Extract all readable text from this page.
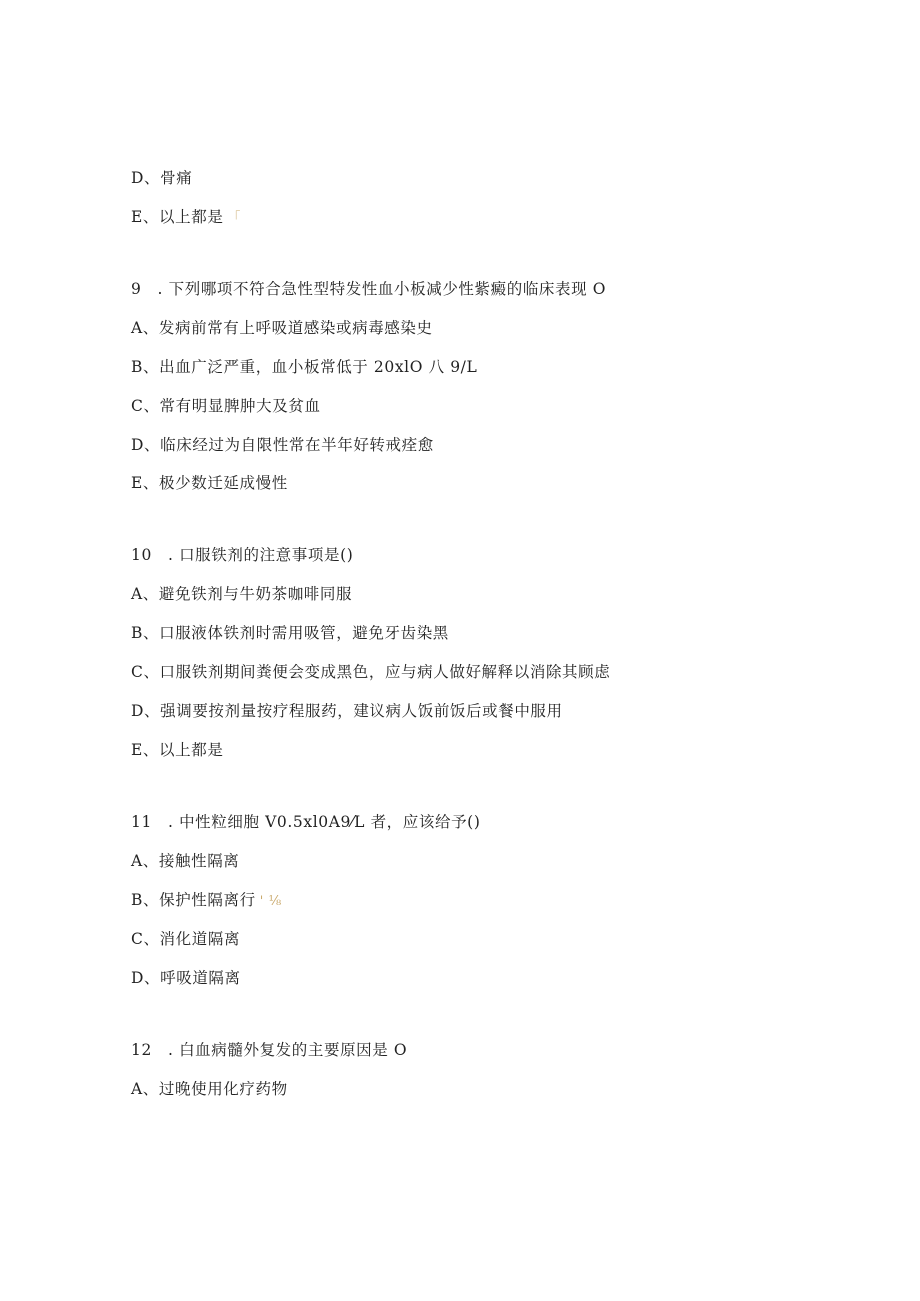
D、骨痛
E、以上都是 「
9　. 下列哪项不符合急性型特发性血小板减少性紫癜的临床表现 O
A、发病前常有上呼吸道感染或病毒感染史
B、出血广泛严重，血小板常低于 20xlO 八 9/L
C、常有明显脾肿大及贫血
D、临床经过为自限性常在半年好转戒痊愈
E、极少数迁延成慢性
10　. 口服铁剂的注意事项是()
A、避免铁剂与牛奶茶咖啡同服
B、口服液体铁剂时需用吸管，避免牙齿染黑
C、口服铁剂期间粪便会变成黑色，应与病人做好解释以消除其顾虑
D、强调要按剂量按疗程服药，建议病人饭前饭后或餐中服用
E、以上都是
11　. 中性粒细胞 V0.5xl0A9⁄L 者，应该给予()
A、接触性隔离
B、保护性隔离行 ' ⅛
C、消化道隔离
D、呼吸道隔离
12　. 白血病髓外复发的主要原因是 O
A、过晚使用化疗药物
